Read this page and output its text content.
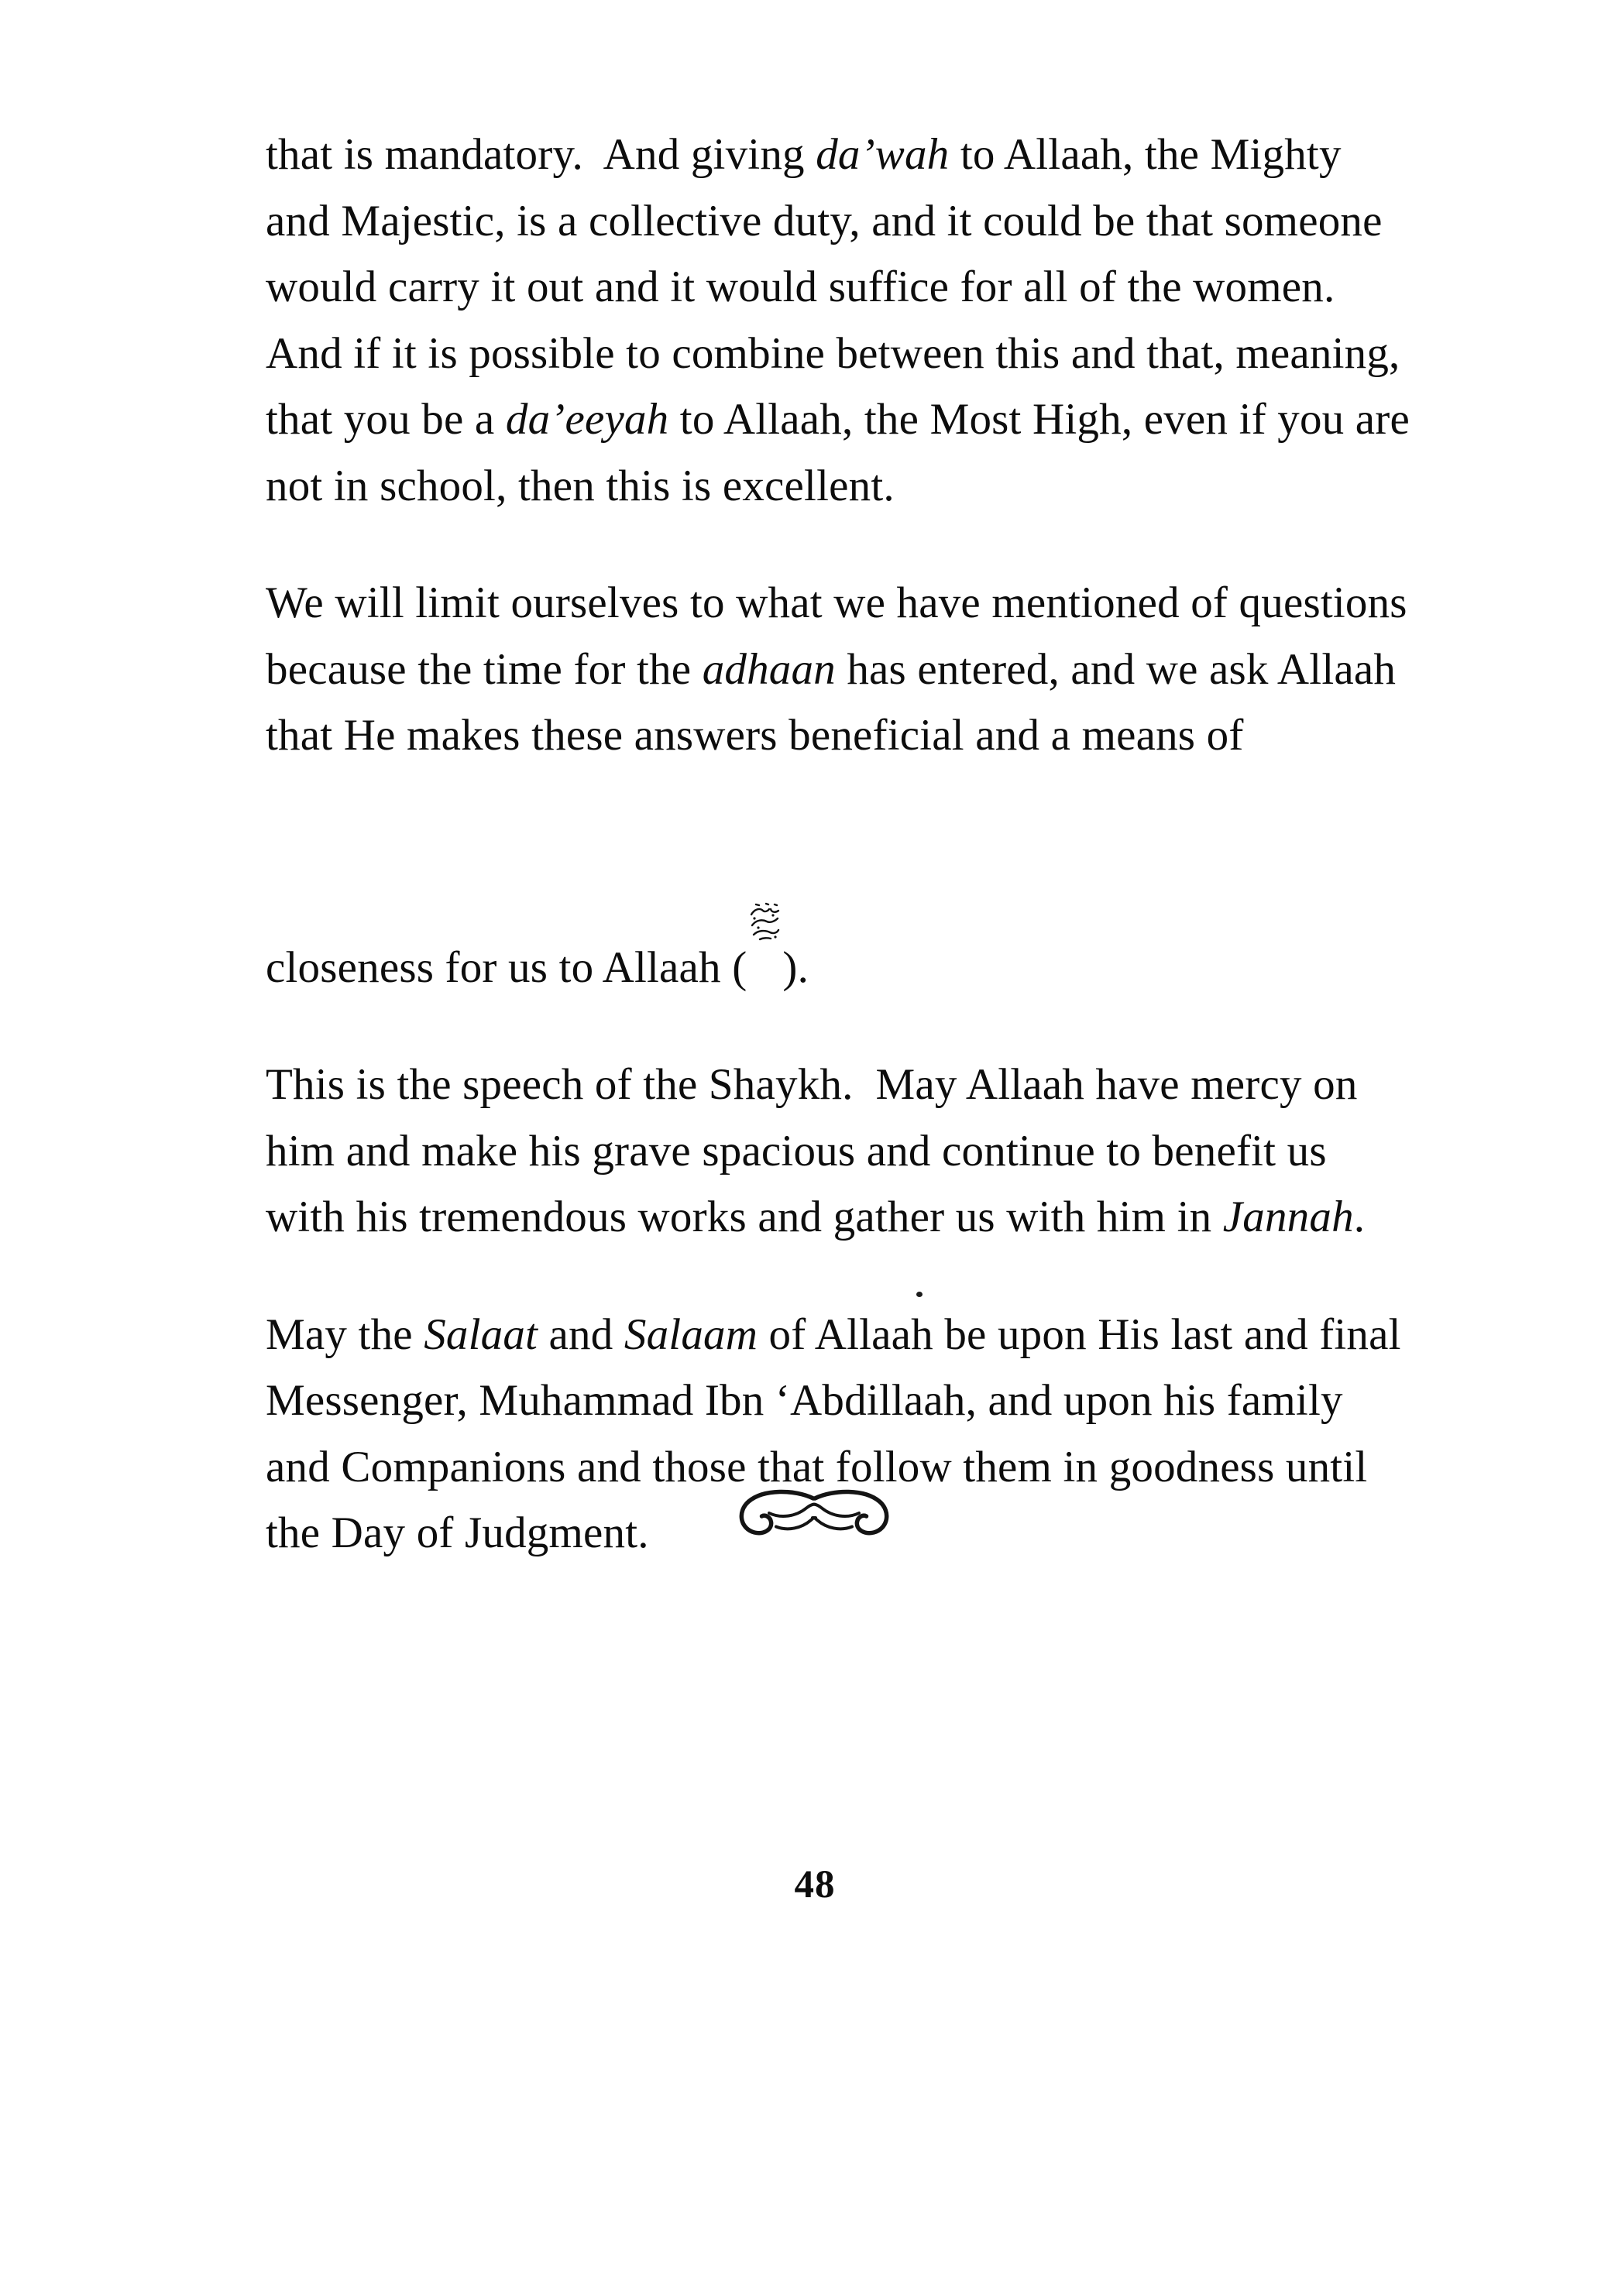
that is mandatory.  And giving da’wah to Allaah, the Mighty
and Majestic, is a collective duty, and it could be that someone
would carry it out and it would suffice for all of the women.
And if it is possible to combine between this and that, meaning,
that you be a da’eeyah to Allaah, the Most High, even if you are
not in school, then this is excellent.
We will limit ourselves to what we have mentioned of questions
because the time for the adhaan has entered, and we ask Allaah
that He makes these answers beneficial and a means of
closeness for us to Allaah (
).
This is the speech of the Shaykh.  May Allaah have mercy on
him and make his grave spacious and continue to benefit us
with his tremendous works and gather us with him in Jannah.
May the Salaat and Salaam of Allaah be upon His last and final
Messenger, Muhammad Ibn ‘Abdillaah, and upon his family
and Companions and those that follow them in goodness until
the Day of Judgment.
48
